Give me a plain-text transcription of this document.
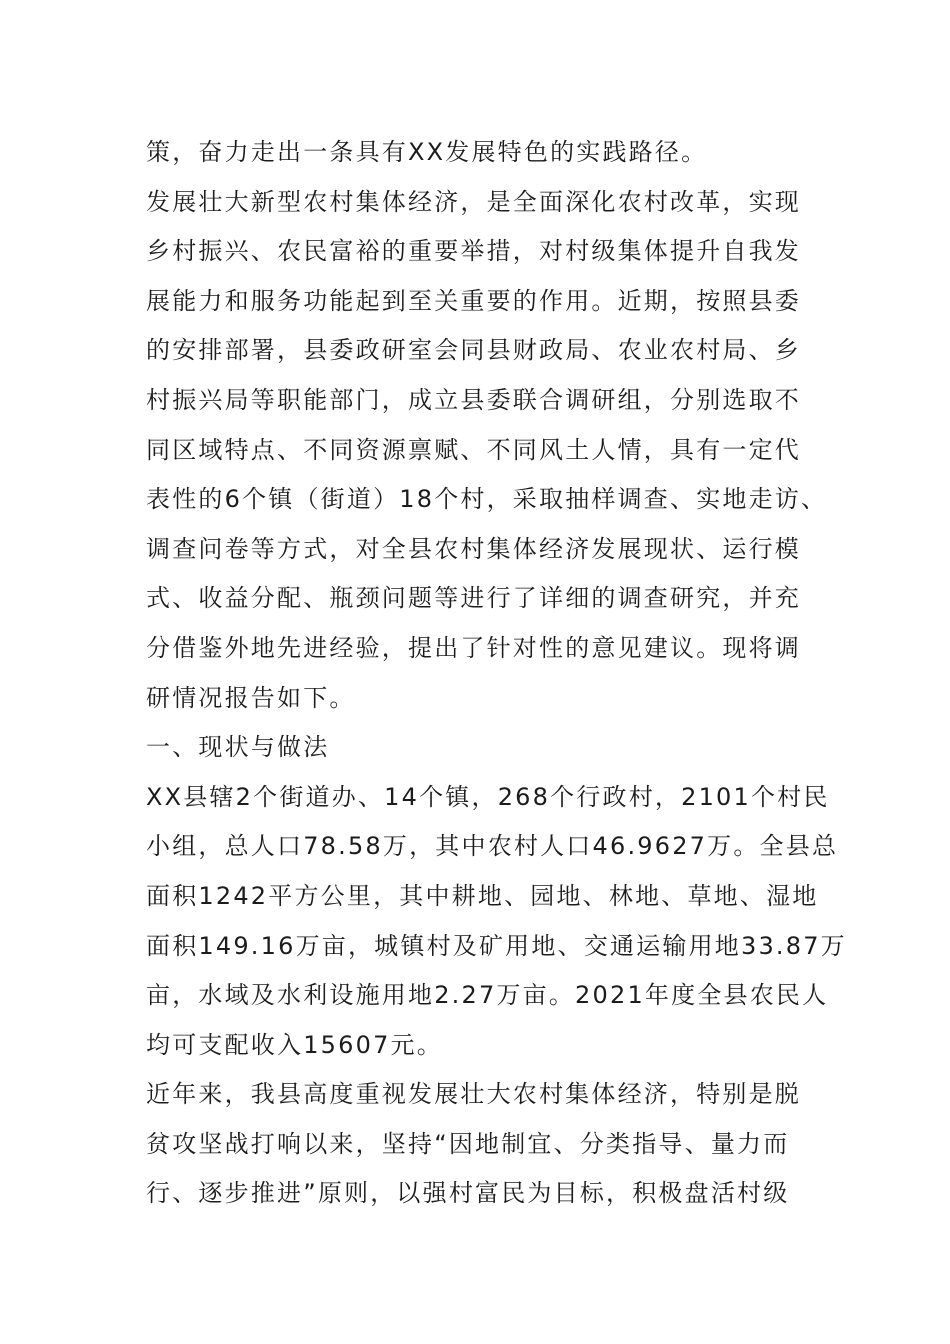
策，奋力走出一条具有XX发展特色的实践路径。

发展壮大新型农村集体经济，是全面深化农村改革，实现
乡村振兴、农民富裕的重要举措，对村级集体提升自我发
展能力和服务功能起到至关重要的作用。近期，按照县委
的安排部署，县委政研室会同县财政局、农业农村局、乡
村振兴局等职能部门，成立县委联合调研组，分别选取不
同区域特点、不同资源禀赋、不同风土人情，具有一定代
表性的6个镇（街道）18个村，采取抽样调查、实地走访、
调查问卷等方式，对全县农村集体经济发展现状、运行模
式、收益分配、瓶颈问题等进行了详细的调查研究，并充
分借鉴外地先进经验，提出了针对性的意见建议。现将调
研情况报告如下。

一、现状与做法

XX县辖2个街道办、14个镇，268个行政村，2101个村民
小组，总人口78.58万，其中农村人口46.9627万。全县总
面积1242平方公里，其中耕地、园地、林地、草地、湿地
面积149.16万亩，城镇村及矿用地、交通运输用地33.87万
亩，水域及水利设施用地2.27万亩。2021年度全县农民人
均可支配收入15607元。

近年来，我县高度重视发展壮大农村集体经济，特别是脱
贫攻坚战打响以来，坚持“因地制宜、分类指导、量力而
行、逐步推进”原则，以强村富民为目标，积极盘活村级
